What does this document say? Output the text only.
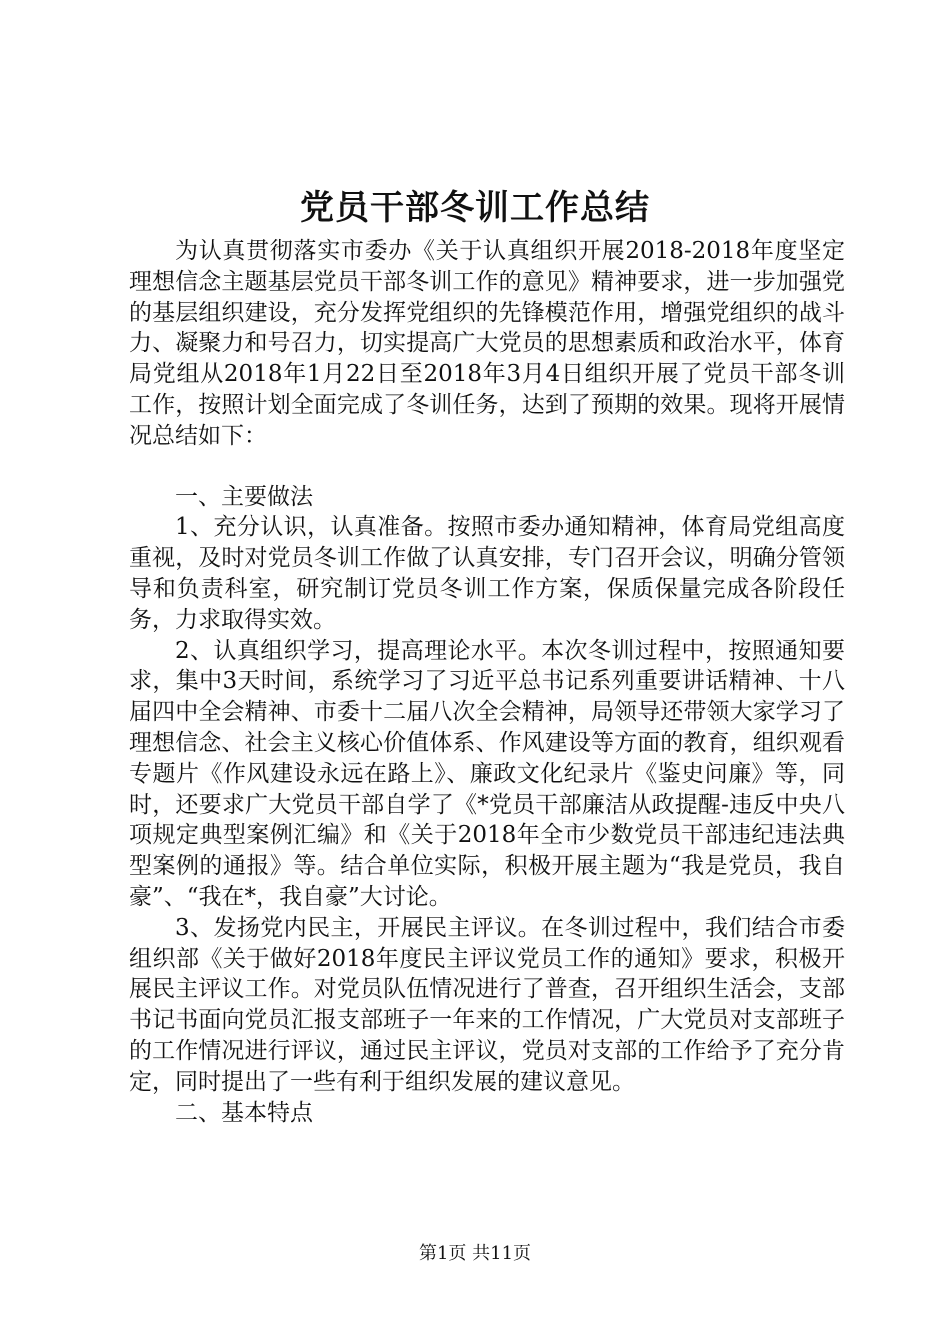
党员干部冬训工作总结

为认真贯彻落实市委办《关于认真组织开展2018-2018年度坚定理想信念主题基层党员干部冬训工作的意见》精神要求，进一步加强党的基层组织建设，充分发挥党组织的先锋模范作用，增强党组织的战斗力、凝聚力和号召力，切实提高广大党员的思想素质和政治水平，体育局党组从2018年1月22日至2018年3月4日组织开展了党员干部冬训工作，按照计划全面完成了冬训任务，达到了预期的效果。现将开展情况总结如下：

一、主要做法

1、充分认识，认真准备。按照市委办通知精神，体育局党组高度重视，及时对党员冬训工作做了认真安排，专门召开会议，明确分管领导和负责科室，研究制订党员冬训工作方案，保质保量完成各阶段任务，力求取得实效。

2、认真组织学习，提高理论水平。本次冬训过程中，按照通知要求，集中3天时间，系统学习了习近平总书记系列重要讲话精神、十八届四中全会精神、市委十二届八次全会精神，局领导还带领大家学习了理想信念、社会主义核心价值体系、作风建设等方面的教育，组织观看专题片《作风建设永远在路上》、廉政文化纪录片《鉴史问廉》等，同时，还要求广大党员干部自学了《*党员干部廉洁从政提醒-违反中央八项规定典型案例汇编》和《关于2018年全市少数党员干部违纪违法典型案例的通报》等。结合单位实际，积极开展主题为“我是党员，我自豪”、“我在*，我自豪”大讨论。

3、发扬党内民主，开展民主评议。在冬训过程中，我们结合市委组织部《关于做好2018年度民主评议党员工作的通知》要求，积极开展民主评议工作。对党员队伍情况进行了普查，召开组织生活会，支部书记书面向党员汇报支部班子一年来的工作情况，广大党员对支部班子的工作情况进行评议，通过民主评议，党员对支部的工作给予了充分肯定，同时提出了一些有利于组织发展的建议意见。

二、基本特点

第1页 共11页
